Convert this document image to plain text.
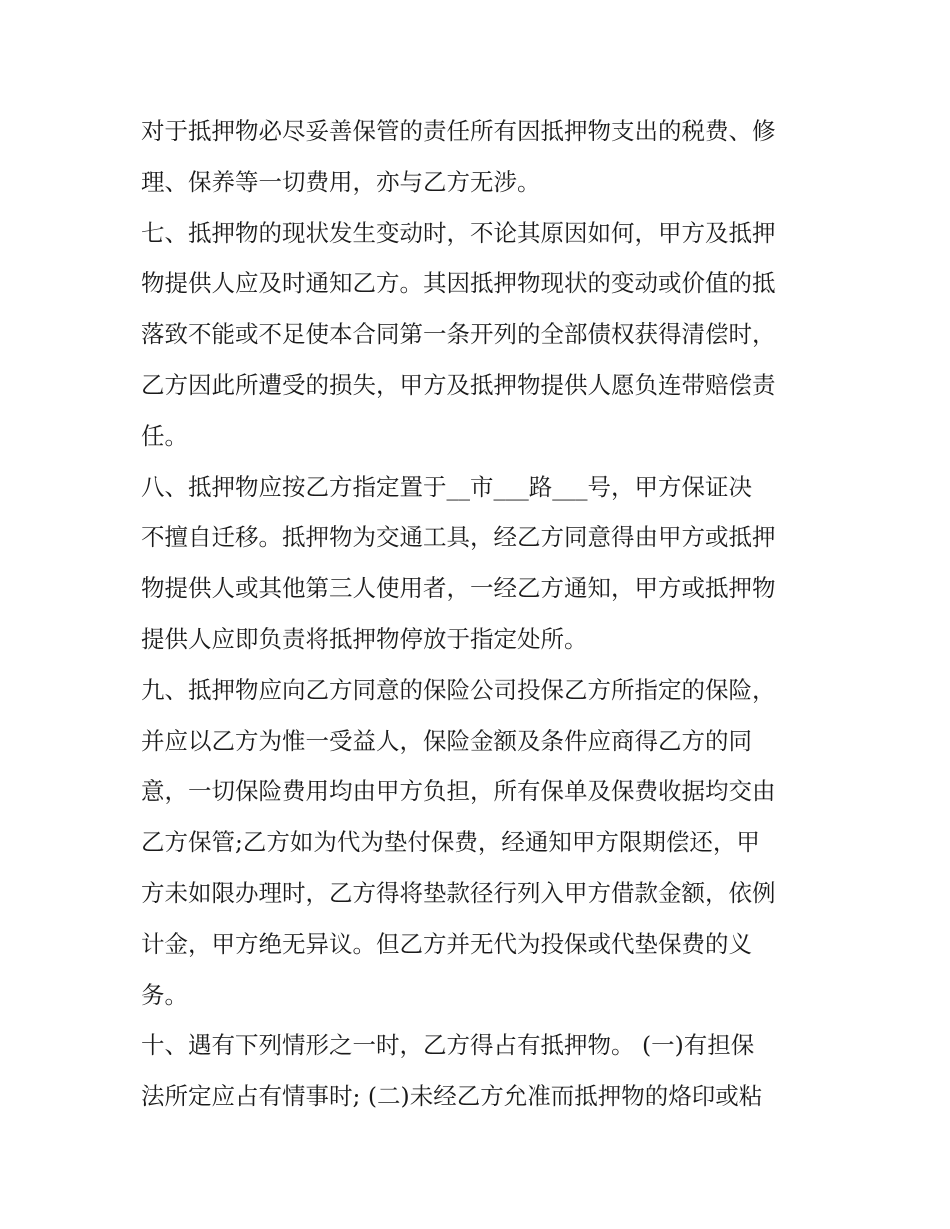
对于抵押物必尽妥善保管的责任所有因抵押物支出的税费、修
理、保养等一切费用，亦与乙方无涉。
七、抵押物的现状发生变动时，不论其原因如何，甲方及抵押
物提供人应及时通知乙方。其因抵押物现状的变动或价值的抵
落致不能或不足使本合同第一条开列的全部债权获得清偿时，
乙方因此所遭受的损失，甲方及抵押物提供人愿负连带赔偿责
任。
八、抵押物应按乙方指定置于__市___路___号，甲方保证决
不擅自迁移。抵押物为交通工具，经乙方同意得由甲方或抵押
物提供人或其他第三人使用者，一经乙方通知，甲方或抵押物
提供人应即负责将抵押物停放于指定处所。
九、抵押物应向乙方同意的保险公司投保乙方所指定的保险，
并应以乙方为惟一受益人，保险金额及条件应商得乙方的同
意，一切保险费用均由甲方负担，所有保单及保费收据均交由
乙方保管;乙方如为代为垫付保费，经通知甲方限期偿还，甲
方未如限办理时，乙方得将垫款径行列入甲方借款金额，依例
计金，甲方绝无异议。但乙方并无代为投保或代垫保费的义
务。
十、遇有下列情形之一时，乙方得占有抵押物。 (一)有担保
法所定应占有情事时; (二)未经乙方允准而抵押物的烙印或粘
